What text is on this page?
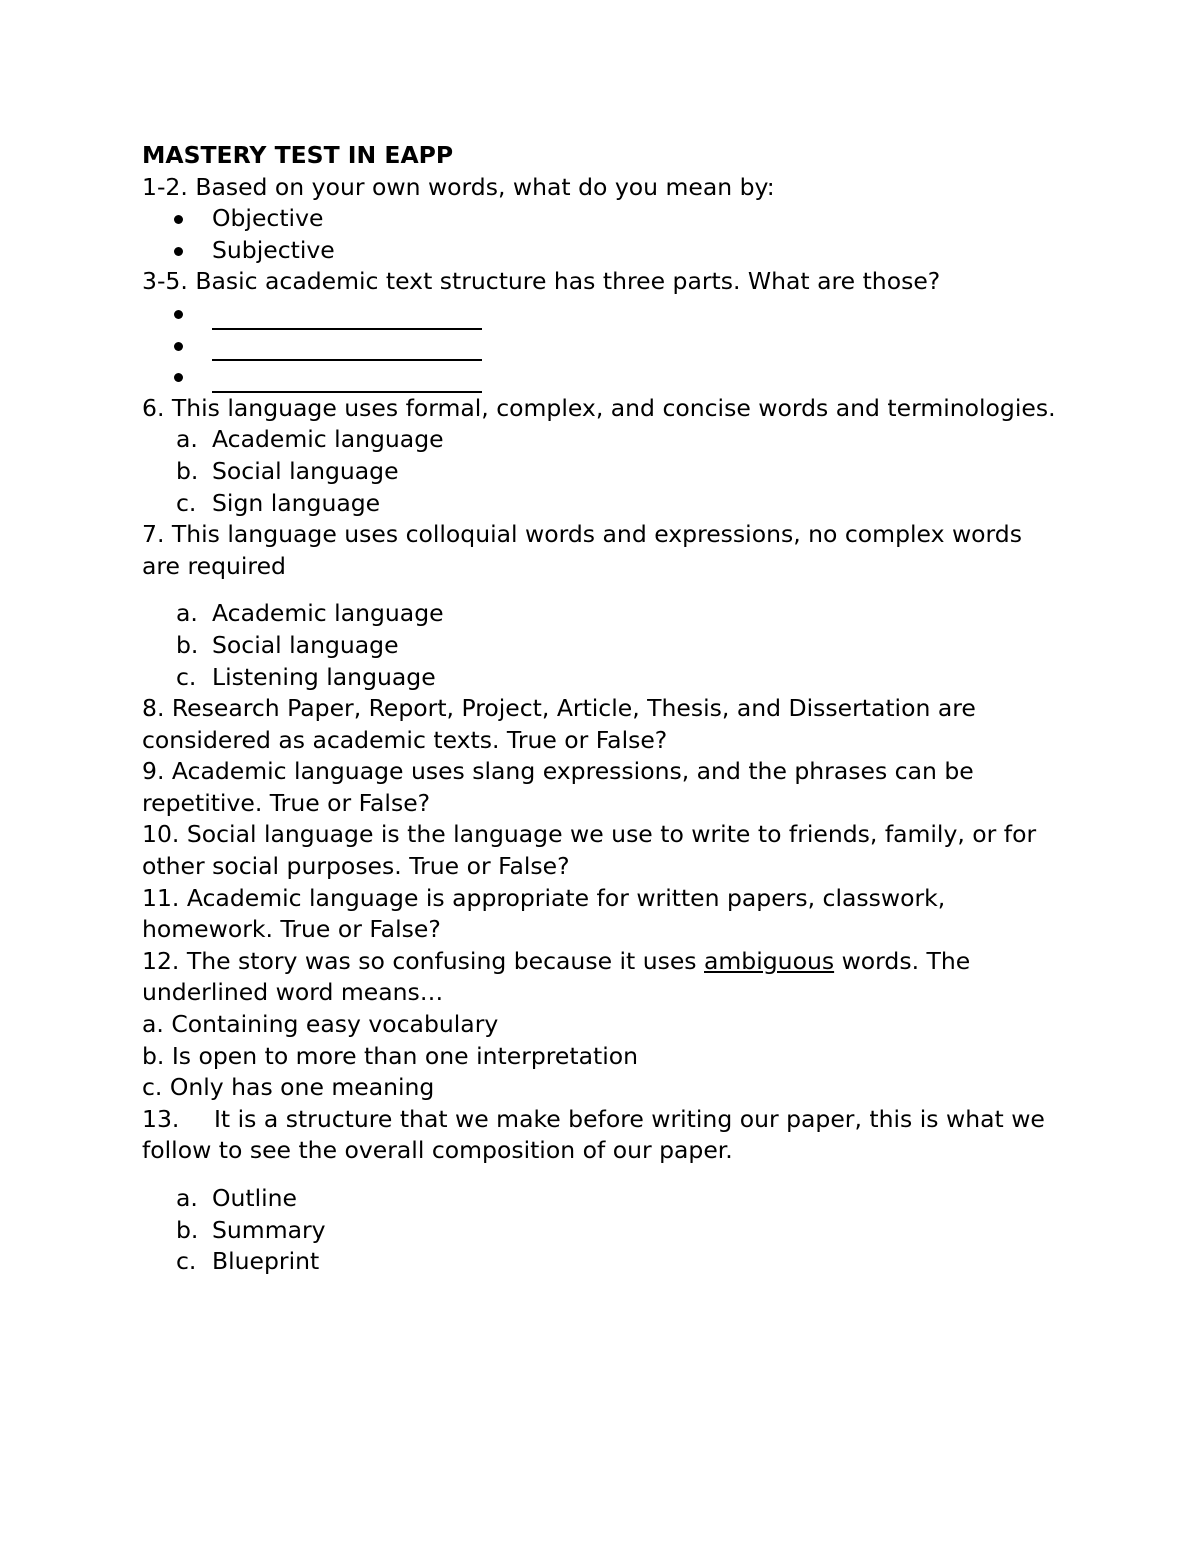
MASTERY TEST IN EAPP
1-2. Based on your own words, what do you mean by:
Objective
Subjective
3-5. Basic academic text structure has three parts. What are those?
6. This language uses formal, complex, and concise words and terminologies.
a. Academic language
b. Social language
c. Sign language
7. This language uses colloquial words and expressions, no complex words
are required
a. Academic language
b. Social language
c. Listening language
8. Research Paper, Report, Project, Article, Thesis, and Dissertation are
considered as academic texts. True or False?
9. Academic language uses slang expressions, and the phrases can be
repetitive. True or False?
10. Social language is the language we use to write to friends, family, or for
other social purposes. True or False?
11. Academic language is appropriate for written papers, classwork,
homework. True or False?
12. The story was so confusing because it uses ambiguous words. The
underlined word means…
a. Containing easy vocabulary
b. Is open to more than one interpretation
c. Only has one meaning
13. It is a structure that we make before writing our paper, this is what we
follow to see the overall composition of our paper.
a. Outline
b. Summary
c. Blueprint
